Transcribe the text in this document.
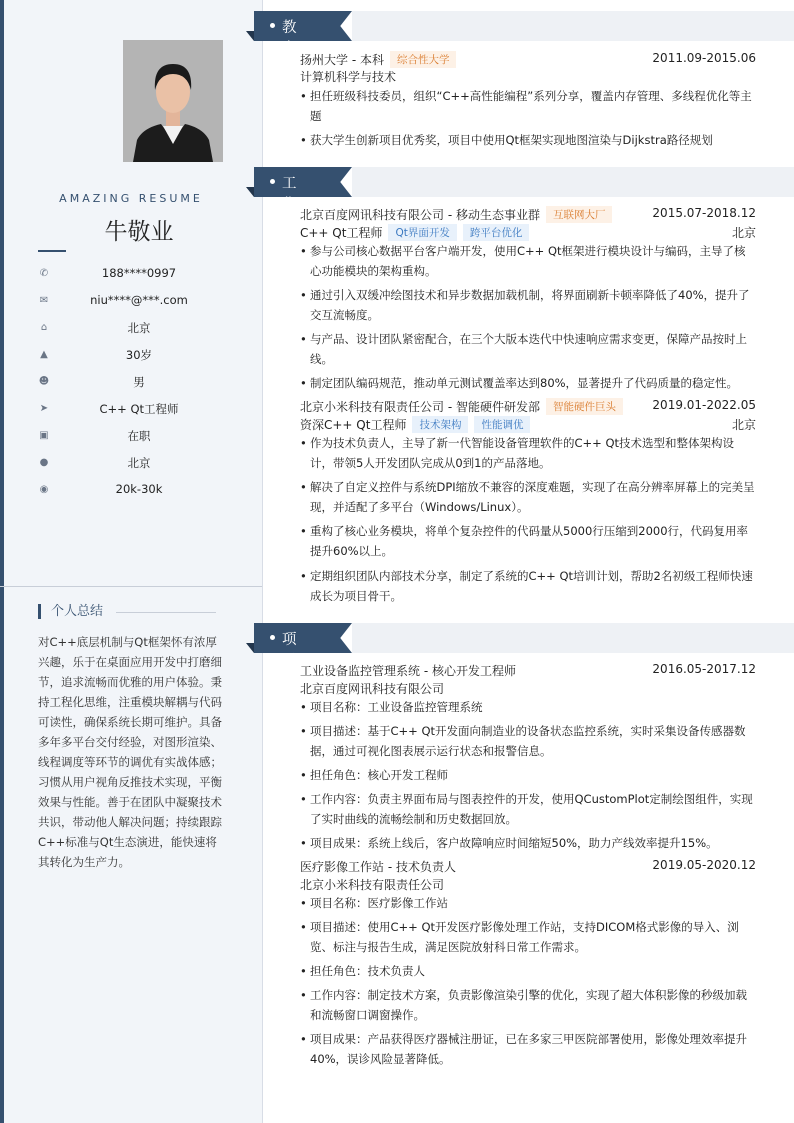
AMAZING RESUME
牛敬业
✆	188****0997
✉	niu****@***.com
⌂	北京
▲	30岁
☻	男
➤	C++ Qt工程师
▣	在职
●	北京
◉	20k-30k
个人总结
对C++底层机制与Qt框架怀有浓厚兴趣，乐于在桌面应用开发中打磨细节，追求流畅而优雅的用户体验。秉持工程化思维，注重模块解耦与代码可读性，确保系统长期可维护。具备多年多平台交付经验，对图形渲染、线程调度等环节的调优有实战体感；习惯从用户视角反推技术实现，平衡效果与性能。善于在团队中凝聚技术共识，带动他人解决问题；持续跟踪C++标准与Qt生态演进，能快速将其转化为生产力。
教育经历
扬州大学 - 本科 综合性大学	2011.09-2015.06
计算机科学与技术
• 担任班级科技委员，组织“C++高性能编程”系列分享，覆盖内存管理、多线程优化等主题
• 获大学生创新项目优秀奖，项目中使用Qt框架实现地图渲染与Dijkstra路径规划
工作经历
北京百度网讯科技有限公司 - 移动生态事业群 互联网大厂	2015.07-2018.12
C++ Qt工程师 Qt界面开发 跨平台优化	北京
• 参与公司核心数据平台客户端开发，使用C++ Qt框架进行模块设计与编码，主导了核心功能模块的架构重构。
• 通过引入双缓冲绘图技术和异步数据加载机制，将界面刷新卡顿率降低了40%，提升了交互流畅度。
• 与产品、设计团队紧密配合，在三个大版本迭代中快速响应需求变更，保障产品按时上线。
• 制定团队编码规范，推动单元测试覆盖率达到80%，显著提升了代码质量的稳定性。
北京小米科技有限责任公司 - 智能硬件研发部 智能硬件巨头	2019.01-2022.05
资深C++ Qt工程师 技术架构 性能调优	北京
• 作为技术负责人，主导了新一代智能设备管理软件的C++ Qt技术选型和整体架构设计，带领5人开发团队完成从0到1的产品落地。
• 解决了自定义控件与系统DPI缩放不兼容的深度难题，实现了在高分辨率屏幕上的完美呈现，并适配了多平台（Windows/Linux）。
• 重构了核心业务模块，将单个复杂控件的代码量从5000行压缩到2000行，代码复用率提升60%以上。
• 定期组织团队内部技术分享，制定了系统的C++ Qt培训计划，帮助2名初级工程师快速成长为项目骨干。
项目经历
工业设备监控管理系统 - 核心开发工程师	2016.05-2017.12
北京百度网讯科技有限公司
• 项目名称：工业设备监控管理系统
• 项目描述：基于C++ Qt开发面向制造业的设备状态监控系统，实时采集设备传感器数据，通过可视化图表展示运行状态和报警信息。
• 担任角色：核心开发工程师
• 工作内容：负责主界面布局与图表控件的开发，使用QCustomPlot定制绘图组件，实现了实时曲线的流畅绘制和历史数据回放。
• 项目成果：系统上线后，客户故障响应时间缩短50%，助力产线效率提升15%。
医疗影像工作站 - 技术负责人	2019.05-2020.12
北京小米科技有限责任公司
• 项目名称：医疗影像工作站
• 项目描述：使用C++ Qt开发医疗影像处理工作站，支持DICOM格式影像的导入、浏览、标注与报告生成，满足医院放射科日常工作需求。
• 担任角色：技术负责人
• 工作内容：制定技术方案，负责影像渲染引擎的优化，实现了超大体积影像的秒级加载和流畅窗口调窗操作。
• 项目成果：产品获得医疗器械注册证，已在多家三甲医院部署使用，影像处理效率提升40%，误诊风险显著降低。
